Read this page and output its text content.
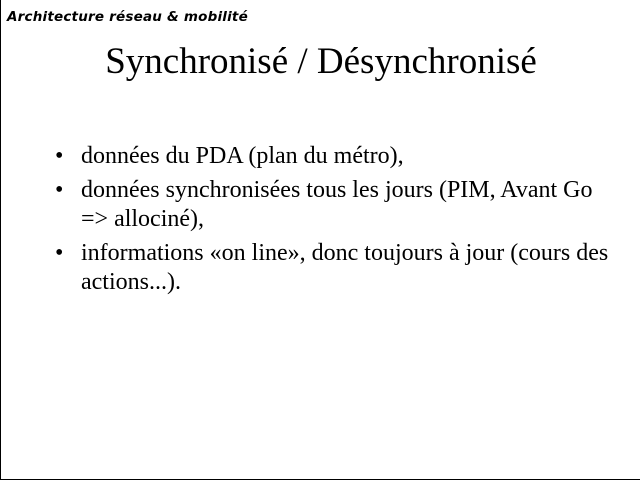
Architecture réseau & mobilité
Synchronisé / Désynchronisé
• données du PDA (plan du métro),
• données synchronisées tous les jours (PIM, Avant Go => allociné),
• informations «on line», donc toujours à jour (cours des actions...).
